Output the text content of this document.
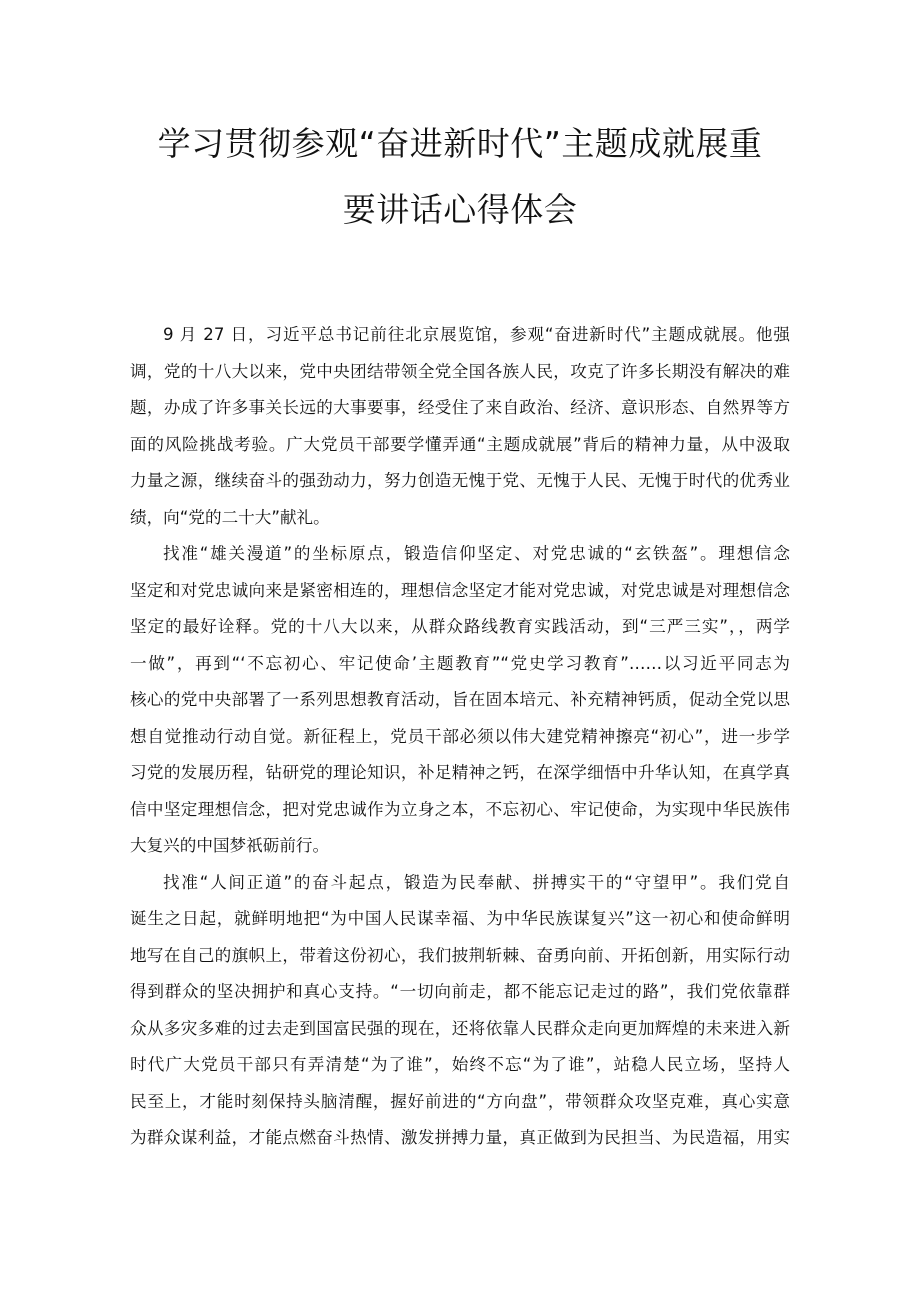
学习贯彻参观“奋进新时代”主题成就展重
要讲话心得体会
9 月 27 日，习近平总书记前往北京展览馆，参观“奋进新时代”主题成就展。他强
调，党的十八大以来，党中央团结带领全党全国各族人民，攻克了许多长期没有解决的难
题，办成了许多事关长远的大事要事，经受住了来自政治、经济、意识形态、自然界等方
面的风险挑战考验。广大党员干部要学懂弄通“主题成就展”背后的精神力量，从中汲取
力量之源，继续奋斗的强劲动力，努力创造无愧于党、无愧于人民、无愧于时代的优秀业
绩，向“党的二十大”献礼。
找准“雄关漫道”的坐标原点，锻造信仰坚定、对党忠诚的“玄铁盔”。理想信念
坚定和对党忠诚向来是紧密相连的，理想信念坚定才能对党忠诚，对党忠诚是对理想信念
坚定的最好诠释。党的十八大以来，从群众路线教育实践活动，到“三严三实”，，两学
一做”，再到“‘不忘初心、牢记使命’主题教育”“党史学习教育”……以习近平同志为
核心的党中央部署了一系列思想教育活动，旨在固本培元、补充精神钙质，促动全党以思
想自觉推动行动自觉。新征程上，党员干部必须以伟大建党精神擦亮“初心”，进一步学
习党的发展历程，钻研党的理论知识，补足精神之钙，在深学细悟中升华认知，在真学真
信中坚定理想信念，把对党忠诚作为立身之本，不忘初心、牢记使命，为实现中华民族伟
大复兴的中国梦祇砺前行。
找准“人间正道”的奋斗起点，锻造为民奉献、拼搏实干的“守望甲”。我们党自
诞生之日起，就鲜明地把“为中国人民谋幸福、为中华民族谋复兴”这一初心和使命鲜明
地写在自己的旗帜上，带着这份初心，我们披荆斩棘、奋勇向前、开拓创新，用实际行动
得到群众的坚决拥护和真心支持。“一切向前走，都不能忘记走过的路”，我们党依靠群
众从多灾多难的过去走到国富民强的现在，还将依靠人民群众走向更加辉煌的未来进入新
时代广大党员干部只有弄清楚“为了谁”，始终不忘“为了谁”，站稳人民立场，坚持人
民至上，才能时刻保持头脑清醒，握好前进的“方向盘”，带领群众攻坚克难，真心实意
为群众谋利益，才能点燃奋斗热情、激发拼搏力量，真正做到为民担当、为民造福，用实
